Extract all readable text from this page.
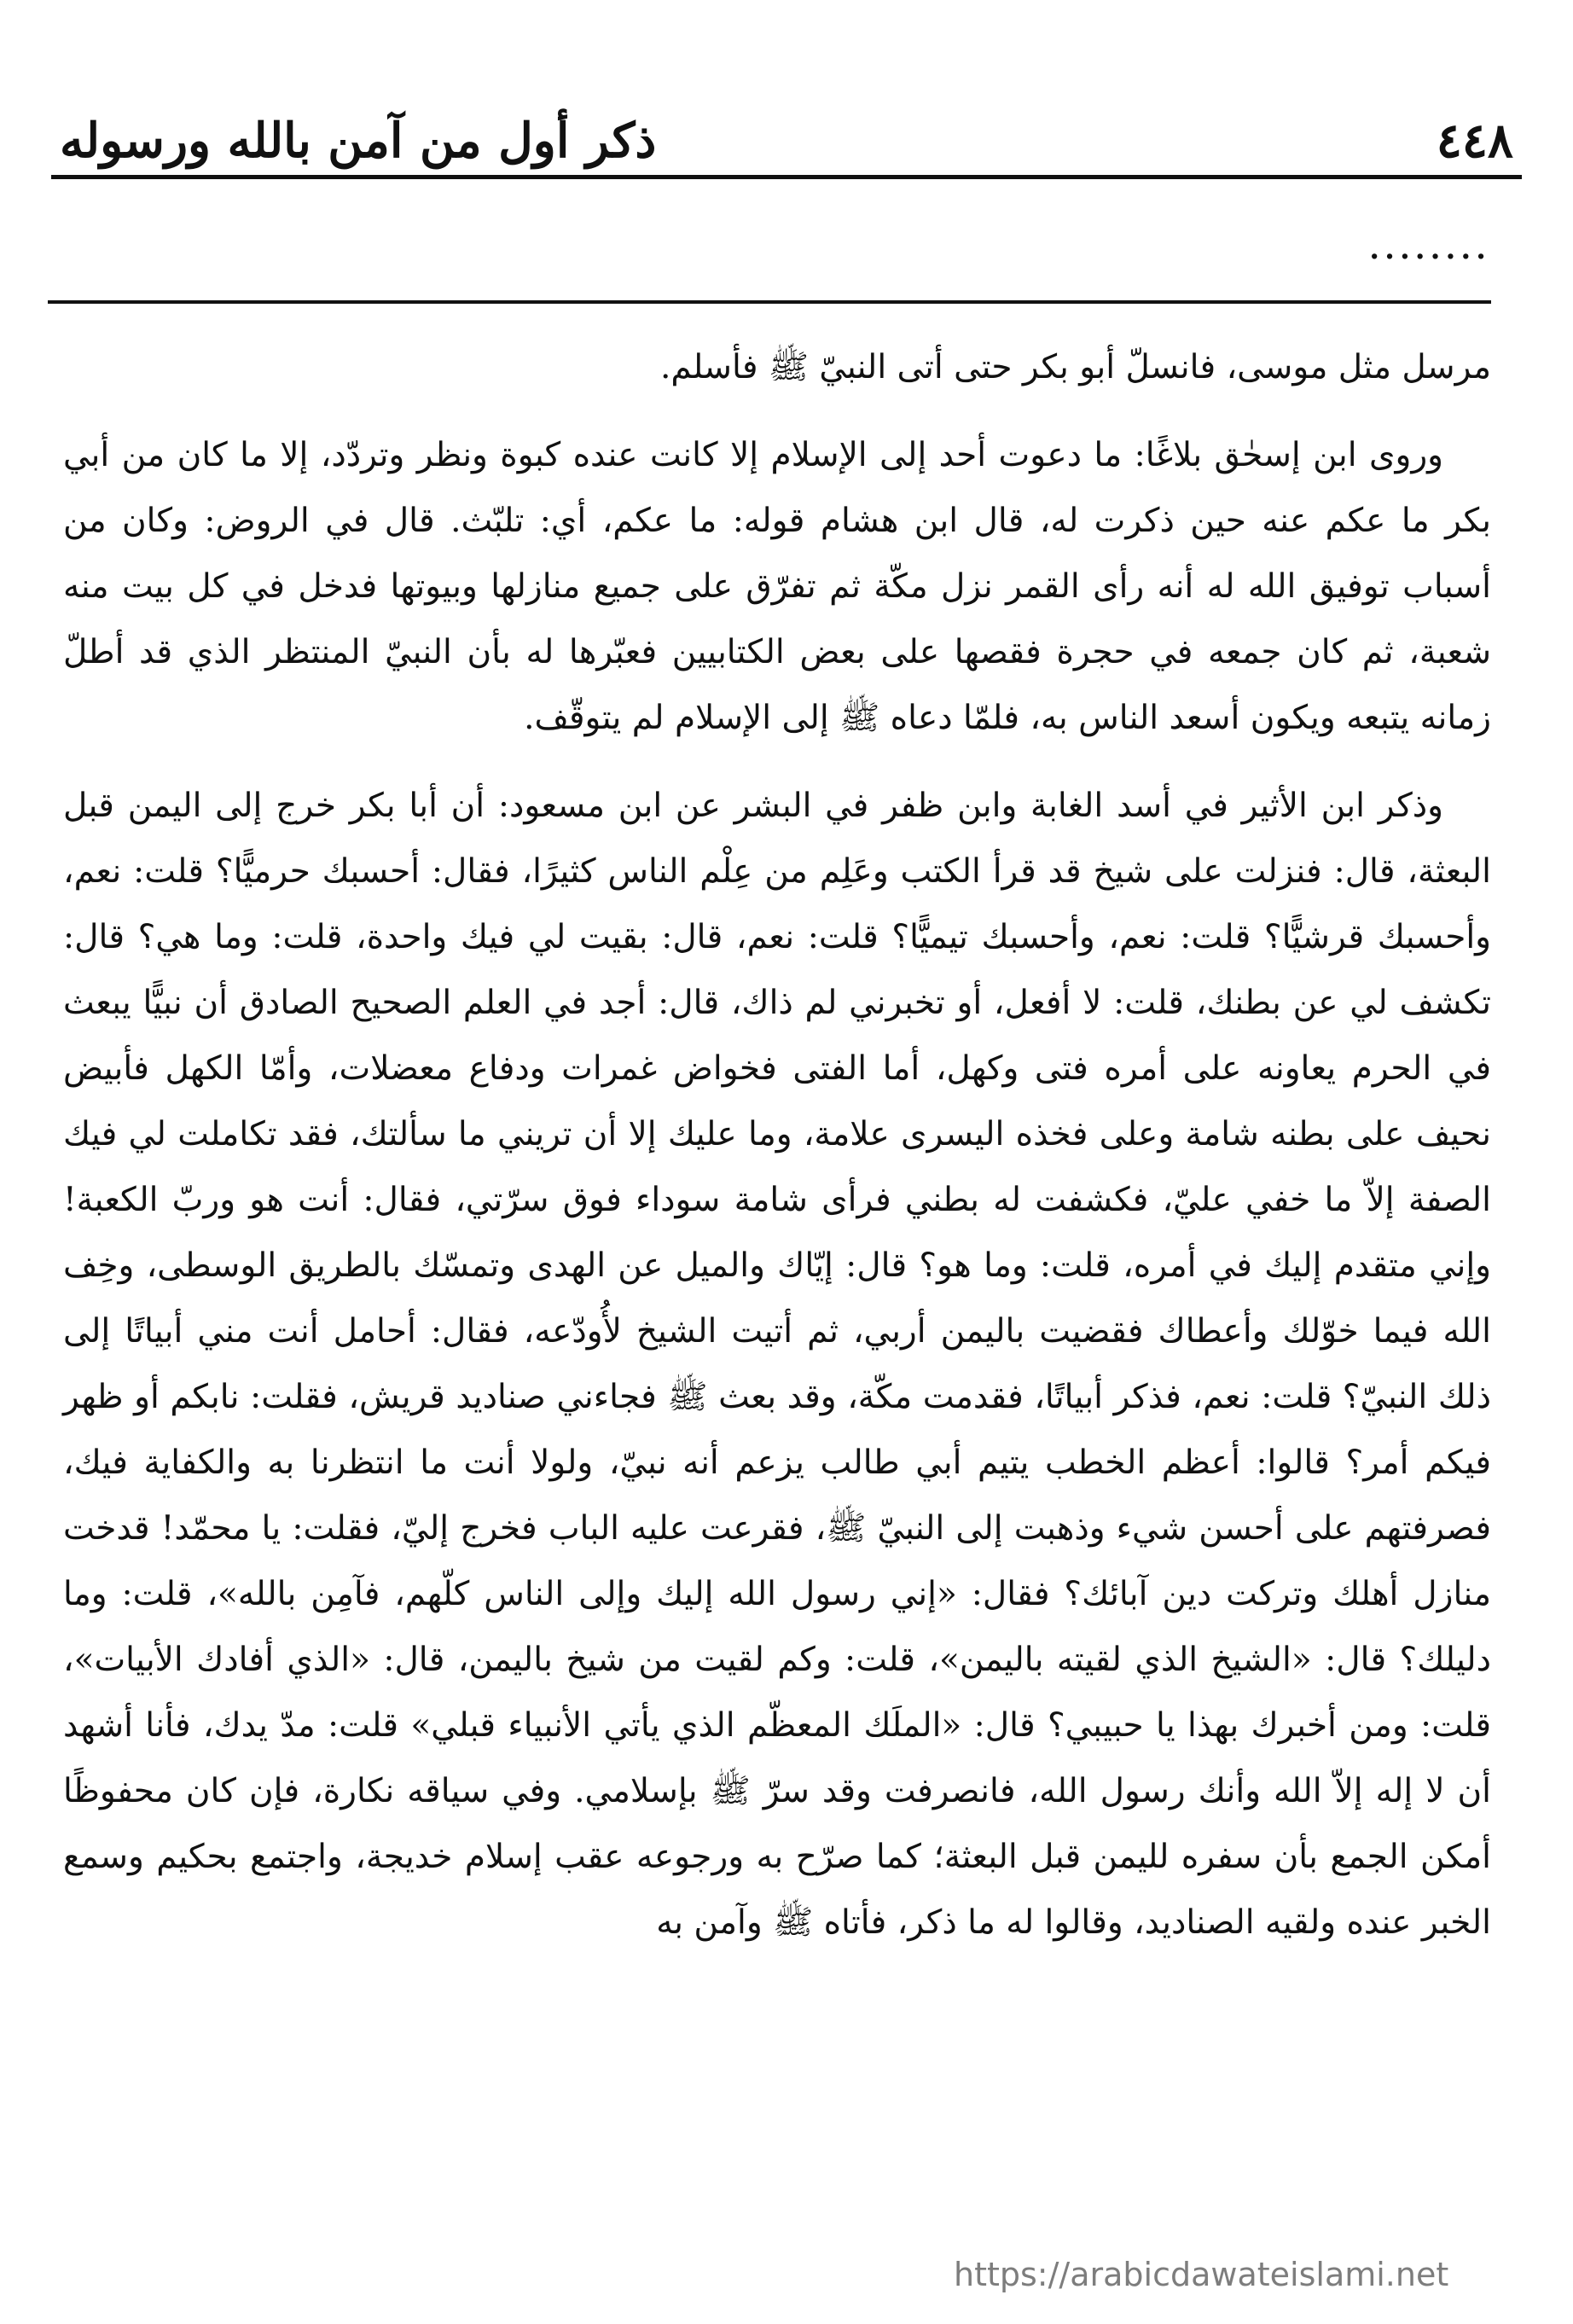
٤٤٨
ذكر أول من آمن بالله ورسوله
........

مرسل مثل موسى، فانسلّ أبو بكر حتى أتى النبيّ ﷺ فأسلم.

وروى ابن إسحٰق بلاغًا: ما دعوت أحد إلى الإسلام إلا كانت عنده كبوة ونظر وتردّد، إلا ما كان من أبي بكر ما عكم عنه حين ذكرت له، قال ابن هشام قوله: ما عكم، أي: تلبّث. قال في الروض: وكان من أسباب توفيق الله له أنه رأى القمر نزل مكّة ثم تفرّق على جميع منازلها وبيوتها فدخل في كل بيت منه شعبة، ثم كان جمعه في حجرة فقصها على بعض الكتابيين فعبّرها له بأن النبيّ المنتظر الذي قد أطلّ زمانه يتبعه ويكون أسعد الناس به، فلمّا دعاه ﷺ إلى الإسلام لم يتوقّف.

وذكر ابن الأثير في أسد الغابة وابن ظفر في البشر عن ابن مسعود: أن أبا بكر خرج إلى اليمن قبل البعثة، قال: فنزلت على شيخ قد قرأ الكتب وعَلِم من عِلْم الناس كثيرًا، فقال: أحسبك حرميًّا؟ قلت: نعم، وأحسبك قرشيًّا؟ قلت: نعم، وأحسبك تيميًّا؟ قلت: نعم، قال: بقيت لي فيك واحدة، قلت: وما هي؟ قال: تكشف لي عن بطنك، قلت: لا أفعل، أو تخبرني لم ذاك، قال: أجد في العلم الصحيح الصادق أن نبيًّا يبعث في الحرم يعاونه على أمره فتى وكهل، أما الفتى فخواض غمرات ودفاع معضلات، وأمّا الكهل فأبيض نحيف على بطنه شامة وعلى فخذه اليسرى علامة، وما عليك إلا أن تريني ما سألتك، فقد تكاملت لي فيك الصفة إلاّ ما خفي عليّ، فكشفت له بطني فرأى شامة سوداء فوق سرّتي، فقال: أنت هو وربّ الكعبة! وإني متقدم إليك في أمره، قلت: وما هو؟ قال: إيّاك والميل عن الهدى وتمسّك بالطريق الوسطى، وخِف الله فيما خوّلك وأعطاك فقضيت باليمن أربي، ثم أتيت الشيخ لأُودّعه، فقال: أحامل أنت مني أبياتًا إلى ذلك النبيّ؟ قلت: نعم، فذكر أبياتًا، فقدمت مكّة، وقد بعث ﷺ فجاءني صناديد قريش، فقلت: نابكم أو ظهر فيكم أمر؟ قالوا: أعظم الخطب يتيم أبي طالب يزعم أنه نبيّ، ولولا أنت ما انتظرنا به والكفاية فيك، فصرفتهم على أحسن شيء وذهبت إلى النبيّ ﷺ، فقرعت عليه الباب فخرج إليّ، فقلت: يا محمّد! قدخت منازل أهلك وتركت دين آبائك؟ فقال: «إني رسول الله إليك وإلى الناس كلّهم، فآمِن بالله»، قلت: وما دليلك؟ قال: «الشيخ الذي لقيته باليمن»، قلت: وكم لقيت من شيخ باليمن، قال: «الذي أفادك الأبيات»، قلت: ومن أخبرك بهذا يا حبيبي؟ قال: «الملَك المعظّم الذي يأتي الأنبياء قبلي» قلت: مدّ يدك، فأنا أشهد أن لا إله إلاّ الله وأنك رسول الله، فانصرفت وقد سرّ ﷺ بإسلامي. وفي سياقه نكارة، فإن كان محفوظًا أمكن الجمع بأن سفره لليمن قبل البعثة؛ كما صرّح به ورجوعه عقب إسلام خديجة، واجتمع بحكيم وسمع الخبر عنده ولقيه الصناديد، وقالوا له ما ذكر، فأتاه ﷺ وآمن به

https://arabicdawateislami.net
